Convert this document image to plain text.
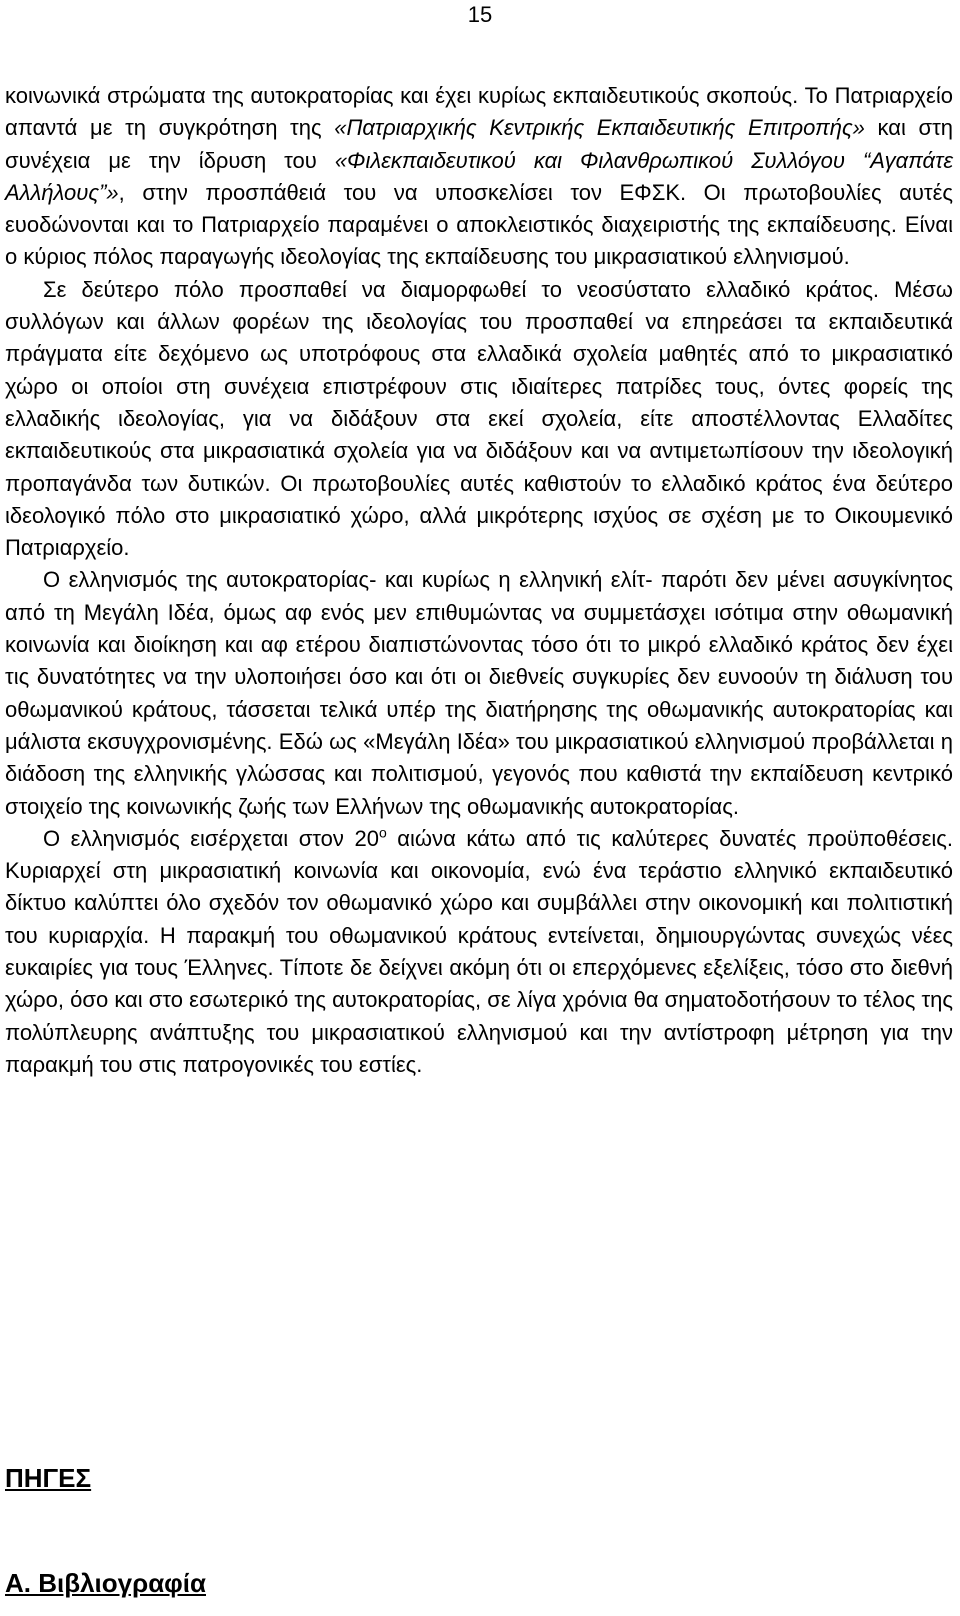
15

κοινωνικά στρώματα της αυτοκρατορίας και έχει κυρίως εκπαιδευτικούς σκοπούς. Το Πατριαρχείο απαντά με τη συγκρότηση της «Πατριαρχικής Κεντρικής Εκπαιδευτικής Επιτροπής» και στη συνέχεια με την ίδρυση του «Φιλεκπαιδευτικού και Φιλανθρωπικού Συλλόγου “Αγαπάτε Αλλήλους”», στην προσπάθειά του να υποσκελίσει τον ΕΦΣΚ. Οι πρωτοβουλίες αυτές ευοδώνονται και το Πατριαρχείο παραμένει ο αποκλειστικός διαχειριστής της εκπαίδευσης. Είναι ο κύριος πόλος παραγωγής ιδεολογίας της εκπαίδευσης του μικρασιατικού ελληνισμού.

Σε δεύτερο πόλο προσπαθεί να διαμορφωθεί το νεοσύστατο ελλαδικό κράτος. Μέσω συλλόγων και άλλων φορέων της ιδεολογίας του προσπαθεί να επηρεάσει τα εκπαιδευτικά πράγματα είτε δεχόμενο ως υποτρόφους στα ελλαδικά σχολεία μαθητές από το μικρασιατικό χώρο οι οποίοι στη συνέχεια επιστρέφουν στις ιδιαίτερες πατρίδες τους, όντες φορείς της ελλαδικής ιδεολογίας, για να διδάξουν στα εκεί σχολεία, είτε αποστέλλοντας Ελλαδίτες εκπαιδευτικούς στα μικρασιατικά σχολεία για να διδάξουν και να αντιμετωπίσουν την ιδεολογική προπαγάνδα των δυτικών. Οι πρωτοβουλίες αυτές καθιστούν το ελλαδικό κράτος ένα δεύτερο ιδεολογικό πόλο στο μικρασιατικό χώρο, αλλά μικρότερης ισχύος σε σχέση με το Οικουμενικό Πατριαρχείο.

Ο ελληνισμός της αυτοκρατορίας- και κυρίως η ελληνική ελίτ- παρότι δεν μένει ασυγκίνητος από τη Μεγάλη Ιδέα, όμως αφ ενός μεν επιθυμώντας να συμμετάσχει ισότιμα στην οθωμανική κοινωνία και διοίκηση και αφ ετέρου διαπιστώνοντας τόσο ότι το μικρό ελλαδικό κράτος δεν έχει τις δυνατότητες να την υλοποιήσει όσο και ότι οι διεθνείς συγκυρίες δεν ευνοούν τη διάλυση του οθωμανικού κράτους, τάσσεται τελικά υπέρ της διατήρησης της οθωμανικής αυτοκρατορίας και μάλιστα εκσυγχρονισμένης. Εδώ ως «Μεγάλη Ιδέα» του μικρασιατικού ελληνισμού προβάλλεται η διάδοση της ελληνικής γλώσσας και πολιτισμού, γεγονός που καθιστά την εκπαίδευση κεντρικό στοιχείο της κοινωνικής ζωής των Ελλήνων της οθωμανικής αυτοκρατορίας.

Ο ελληνισμός εισέρχεται στον $20^o$ αιώνα κάτω από τις καλύτερες δυνατές προϋποθέσεις. Κυριαρχεί στη μικρασιατική κοινωνία και οικονομία, ενώ ένα τεράστιο ελληνικό εκπαιδευτικό δίκτυο καλύπτει όλο σχεδόν τον οθωμανικό χώρο και συμβάλλει στην οικονομική και πολιτιστική του κυριαρχία. Η παρακμή του οθωμανικού κράτους εντείνεται, δημιουργώντας συνεχώς νέες ευκαιρίες για τους Έλληνες. Τίποτε δε δείχνει ακόμη ότι οι επερχόμενες εξελίξεις, τόσο στο διεθνή χώρο, όσο και στο εσωτερικό της αυτοκρατορίας, σε λίγα χρόνια θα σηματοδοτήσουν το τέλος της πολύπλευρης ανάπτυξης του μικρασιατικού ελληνισμού και την αντίστροφη μέτρηση για την παρακμή του στις πατρογονικές του εστίες.

ΠΗΓΕΣ
Α. Βιβλιογραφία
